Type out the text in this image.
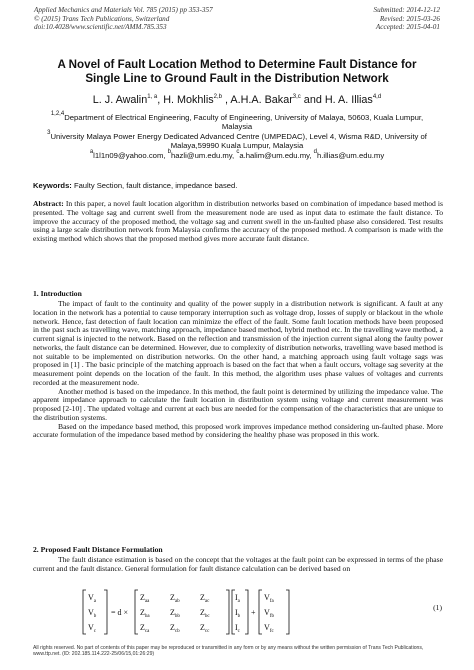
Applied Mechanics and Materials Vol. 785 (2015) pp 353-357
© (2015) Trans Tech Publications, Switzerland
doi:10.4028/www.scientific.net/AMM.785.353
Submitted: 2014-12-12
Revised: 2015-03-26
Accepted: 2015-04-01
A Novel of Fault Location Method to Determine Fault Distance for Single Line to Ground Fault in the Distribution Network
L. J. Awalin$^{1, a}$, H. Mokhlis$^{2,b}$ , A.H.A. Bakar$^{3,c}$ and H. A. Illias$^{4,d}$
$^{1,2,4}$Department of Electrical Engineering, Faculty of Engineering, University of Malaya, 50603, Kuala Lumpur, Malaysia
$^3$University Malaya Power Energy Dedicated Advanced Centre (UMPEDAC), Level 4, Wisma R&D, University of Malaya,59990 Kuala Lumpur, Malaysia
$^a$l1l1n09@yahoo.com, $^b$hazli@um.edu.my, $^c$a.halim@um.edu.my, $^d$h.illias@um.edu.my
Keywords: Faulty Section, fault distance, impedance based.
Abstract: In this paper, a novel fault location algorithm in distribution networks based on combination of impedance based method is presented. The voltage sag and current swell from the measurement node are used as input data to estimate the fault distance. To improve the accuracy of the proposed method, the voltage sag and current swell in the un-faulted phase also considered. Test results using a large scale distribution network from Malaysia confirms the accuracy of the proposed method. A comparison is made with the existing method which shows that the proposed method gives more accurate fault distance.
1. Introduction

The impact of fault to the continuity and quality of the power supply in a distribution network is significant. A fault at any location in the network has a potential to cause temporary interruption such as voltage drop, losses of supply or blackout in the whole network. Hence, fast detection of fault location can minimize the effect of the fault. Some fault location methods have been proposed in the past such as travelling wave, matching approach, impedance based method, hybrid method etc. In the travelling wave method, a current signal is injected to the network. Based on the reflection and transmission of the injection current signal along the faulty power networks, the fault distance can be determined. However, due to complexity of distribution networks, travelling wave based method is not suitable to be implemented on distribution networks. On the other hand, a matching approach using fault voltage sags was proposed in [1] . The basic principle of the matching approach is based on the fact that when a fault occurs, voltage sag severity at the measurement point depends on the location of the fault. In this method, the algorithm uses phase values of voltages and currents recorded at the measurement node.

Another method is based on the impedance. In this method, the fault point is determined by utilizing the impedance value. The apparent impedance approach to calculate the fault location in distribution system using voltage and current measurement was proposed [2-10] . The updated voltage and current at each bus are needed for the compensation of the characteristics that are unique to the distribution systems.

Based on the impedance based method, this proposed work improves impedance method considering un-faulted phase. More accurate formulation of the impedance based method by considering the healthy phase was proposed in this work.

2. Proposed Fault Distance Formulation

The fault distance estimation is based on the concept that the voltages at the fault point can be expressed in terms of the phase current and the fault distance. General formulation for fault distance calculation can be derived based on

$V_a$
$V_b$
$V_c$
= d ×
$Z_{aa}$	$Z_{ab}$	$Z_{ac}$
$Z_{ba}$	$Z_{bb}$	$Z_{bc}$
$Z_{ca}$	$Z_{cb}$	$Z_{cc}$
$I_a$
$I_b$
$I_c$
+
$V_{fa}$
$V_{fb}$
$V_{fc}$
(1)
All rights reserved. No part of contents of this paper may be reproduced or transmitted in any form or by any means without the written permission of Trans Tech Publications, www.ttp.net. (ID: 202.185.114.222-25/06/15,01:26:29)
